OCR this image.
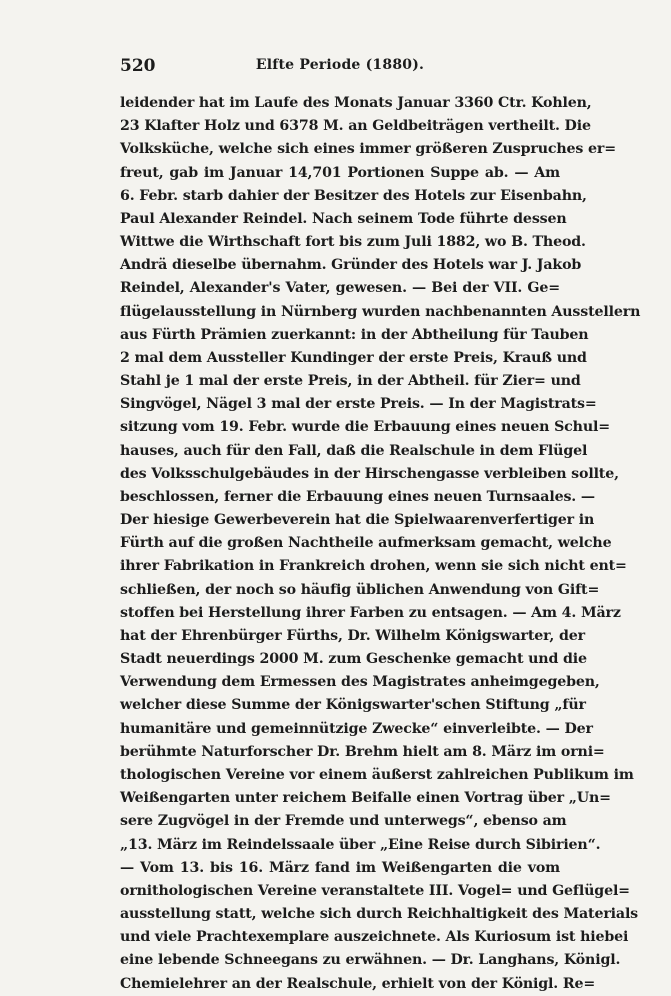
520	Elfte Periode (1880).
leidender hat im Laufe des Monats Januar 3360 Ctr. Kohlen,
23 Klafter Holz und 6378 M. an Geldbeiträgen vertheilt. Die
Volksküche, welche sich eines immer größeren Zuspruches er=
freut, gab im Januar 14,701 Portionen Suppe ab. — Am
6. Febr. starb dahier der Besitzer des Hotels zur Eisenbahn,
Paul Alexander Reindel. Nach seinem Tode führte dessen
Wittwe die Wirthschaft fort bis zum Juli 1882, wo B. Theod.
Andrä dieselbe übernahm. Gründer des Hotels war J. Jakob
Reindel, Alexander's Vater, gewesen. — Bei der VII. Ge=
flügelausstellung in Nürnberg wurden nachbenannten Ausstellern
aus Fürth Prämien zuerkannt: in der Abtheilung für Tauben
2 mal dem Aussteller Kundinger der erste Preis, Krauß und
Stahl je 1 mal der erste Preis, in der Abtheil. für Zier= und
Singvögel, Nägel 3 mal der erste Preis. — In der Magistrats=
sitzung vom 19. Febr. wurde die Erbauung eines neuen Schul=
hauses, auch für den Fall, daß die Realschule in dem Flügel
des Volksschulgebäudes in der Hirschengasse verbleiben sollte,
beschlossen, ferner die Erbauung eines neuen Turnsaales. —
Der hiesige Gewerbeverein hat die Spielwaarenverfertiger in
Fürth auf die großen Nachtheile aufmerksam gemacht, welche
ihrer Fabrikation in Frankreich drohen, wenn sie sich nicht ent=
schließen, der noch so häufig üblichen Anwendung von Gift=
stoffen bei Herstellung ihrer Farben zu entsagen. — Am 4. März
hat der Ehrenbürger Fürths, Dr. Wilhelm Königswarter, der
Stadt neuerdings 2000 M. zum Geschenke gemacht und die
Verwendung dem Ermessen des Magistrates anheimgegeben,
welcher diese Summe der Königswarter'schen Stiftung „für
humanitäre und gemeinnützige Zwecke“ einverleibte. — Der
berühmte Naturforscher Dr. Brehm hielt am 8. März im orni=
thologischen Vereine vor einem äußerst zahlreichen Publikum im
Weißengarten unter reichem Beifalle einen Vortrag über „Un=
sere Zugvögel in der Fremde und unterwegs“, ebenso am
„13. März im Reindelssaale über „Eine Reise durch Sibirien“.
— Vom 13. bis 16. März fand im Weißengarten die vom
ornithologischen Vereine veranstaltete III. Vogel= und Geflügel=
ausstellung statt, welche sich durch Reichhaltigkeit des Materials
und viele Prachtexemplare auszeichnete. Als Kuriosum ist hiebei
eine lebende Schneegans zu erwähnen. — Dr. Langhans, Königl.
Chemielehrer an der Realschule, erhielt von der Königl. Re=
